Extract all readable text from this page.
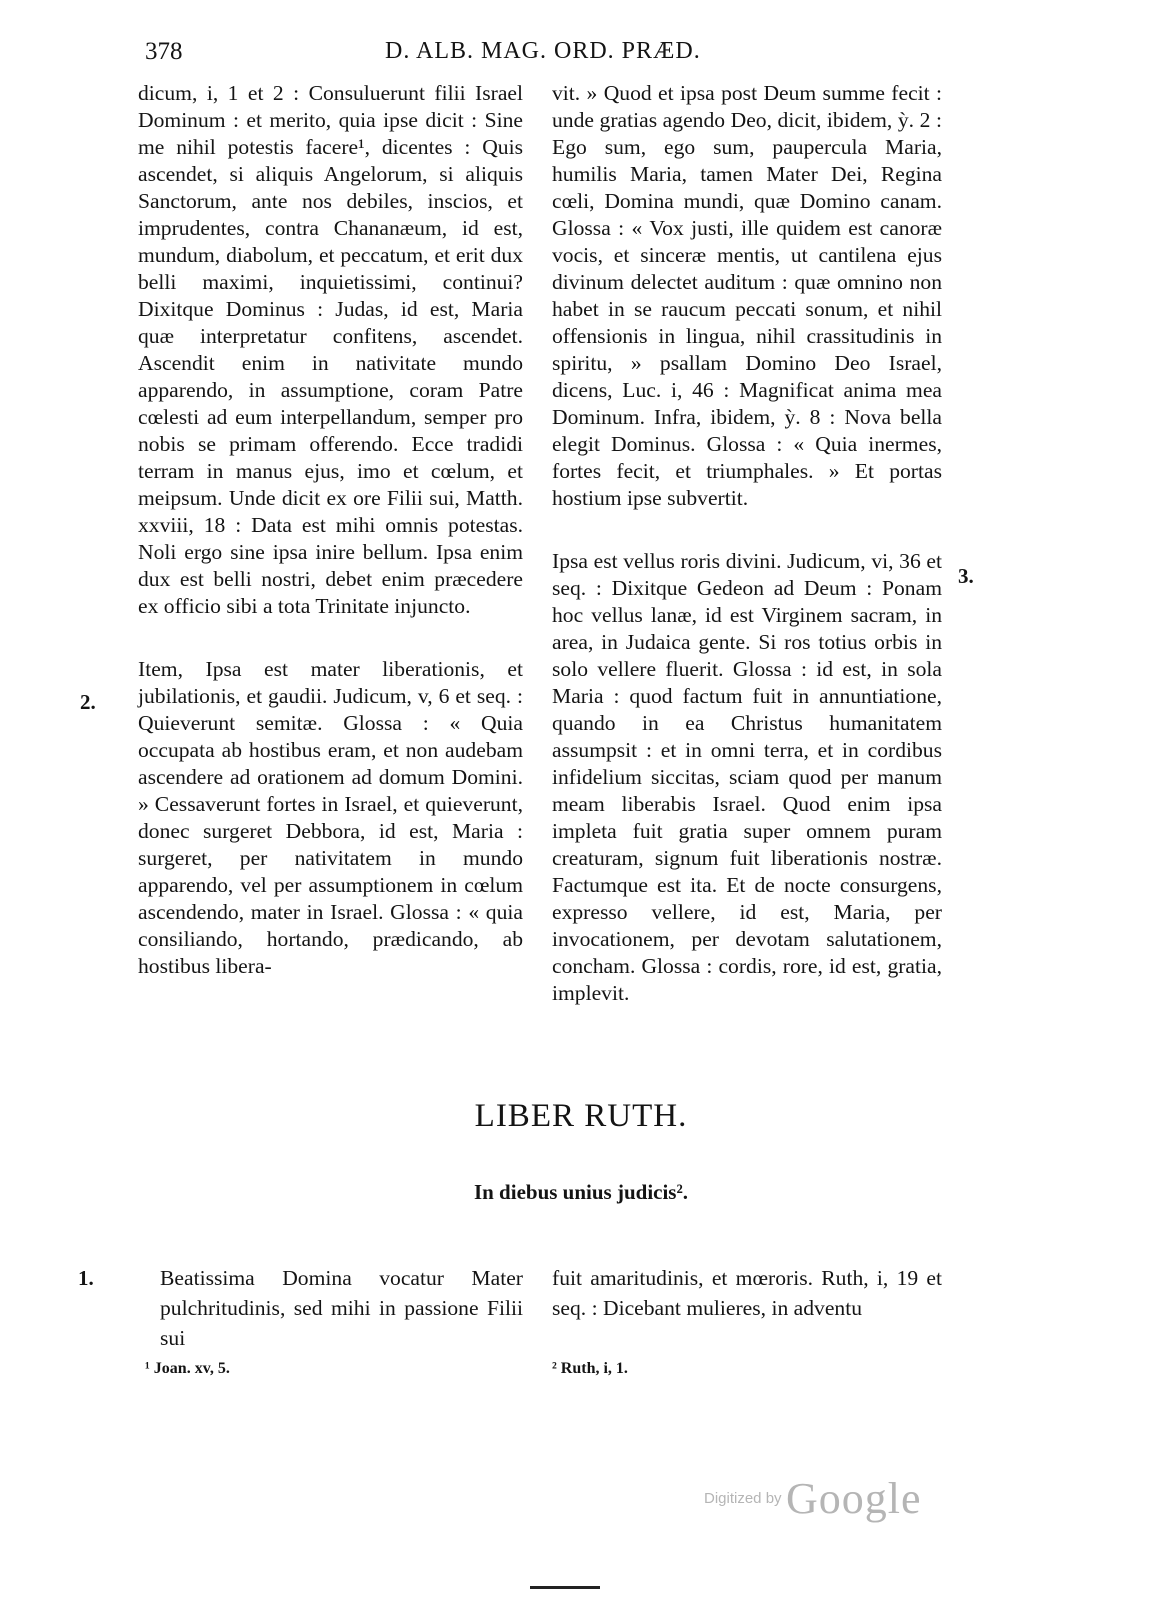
378	D. ALB. MAG. ORD. PRÆD.

dicum, i, 1 et 2 : Consuluerunt filii Israel Dominum : et merito, quia ipse dicit : Sine me nihil potestis facere¹, dicentes : Quis ascendet, si aliquis Angelorum, si aliquis Sanctorum, ante nos debiles, inscios, et imprudentes, contra Chananæum, id est, mundum, diabolum, et peccatum, et erit dux belli maximi, inquietissimi, continui? Dixitque Dominus : Judas, id est, Maria quæ interpretatur confitens, ascendet. Ascendit enim in nativitate mundo apparendo, in assumptione, coram Patre cœlesti ad eum interpellandum, semper pro nobis se primam offerendo. Ecce tradidi terram in manus ejus, imo et cœlum, et meipsum. Unde dicit ex ore Filii sui, Matth. xxviii, 18 : Data est mihi omnis potestas. Noli ergo sine ipsa inire bellum. Ipsa enim dux est belli nostri, debet enim præcedere ex officio sibi a tota Trinitate injuncto.

Item, Ipsa est mater liberationis, et jubilationis, et gaudii. Judicum, v, 6 et seq. : Quieverunt semitæ. Glossa : « Quia occupata ab hostibus eram, et non audebam ascendere ad orationem ad domum Domini. » Cessaverunt fortes in Israel, et quieverunt, donec surgeret Debbora, id est, Maria : surgeret, per nativitatem in mundo apparendo, vel per assumptionem in cœlum ascendendo, mater in Israel. Glossa : « quia consiliando, hortando, prædicando, ab hostibus libera-

vit. » Quod et ipsa post Deum summe fecit : unde gratias agendo Deo, dicit, ibidem, ỳ. 2 : Ego sum, ego sum, paupercula Maria, humilis Maria, tamen Mater Dei, Regina cœli, Domina mundi, quæ Domino canam. Glossa : « Vox justi, ille quidem est canoræ vocis, et sinceræ mentis, ut cantilena ejus divinum delectet auditum : quæ omnino non habet in se raucum peccati sonum, et nihil offensionis in lingua, nihil crassitudinis in spiritu, » psallam Domino Deo Israel, dicens, Luc. i, 46 : Magnificat anima mea Dominum. Infra, ibidem, ỳ. 8 : Nova bella elegit Dominus. Glossa : « Quia inermes, fortes fecit, et triumphales. » Et portas hostium ipse subvertit.

Ipsa est vellus roris divini. Judicum, vi, 36 et seq. : Dixitque Gedeon ad Deum : Ponam hoc vellus lanæ, id est Virginem sacram, in area, in Judaica gente. Si ros totius orbis in solo vellere fluerit. Glossa : id est, in sola Maria : quod factum fuit in annuntiatione, quando in ea Christus humanitatem assumpsit : et in omni terra, et in cordibus infidelium siccitas, sciam quod per manum meam liberabis Israel. Quod enim ipsa impleta fuit gratia super omnem puram creaturam, signum fuit liberationis nostræ. Factumque est ita. Et de nocte consurgens, expresso vellere, id est, Maria, per invocationem, per devotam salutationem, concham. Glossa : cordis, rore, id est, gratia, implevit.

2.
3.
LIBER RUTH.
In diebus unius judicis².
1.	Beatissima Domina vocatur Mater pulchritudinis, sed mihi in passione Filii sui
fuit amaritudinis, et mœroris. Ruth, i, 19 et seq. : Dicebant mulieres, in adventu
¹ Joan. xv, 5.	² Ruth, i, 1.
Digitized by Google
